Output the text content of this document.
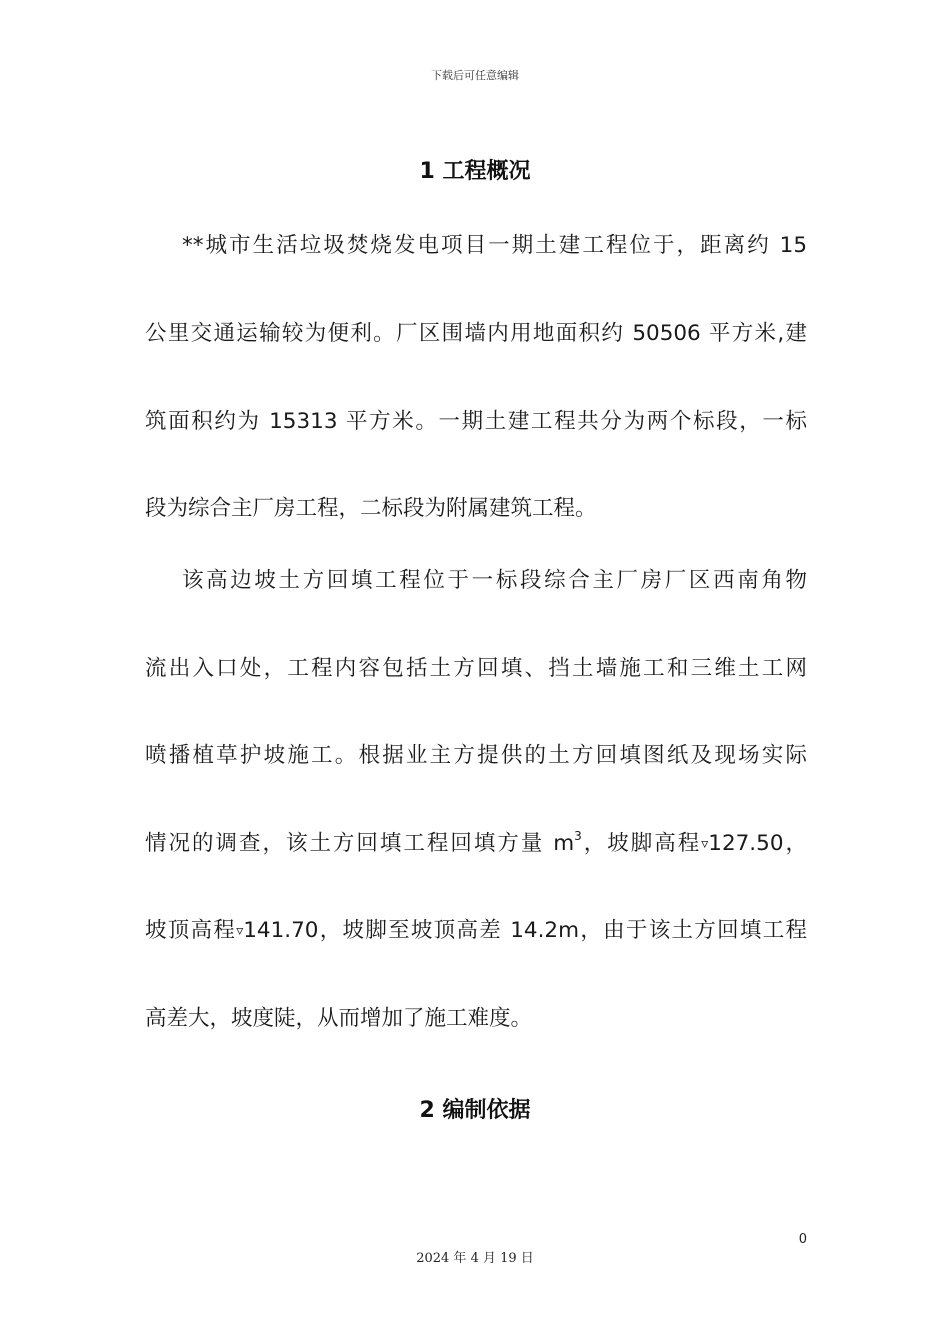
下载后可任意编辑
1 工程概况
**城市生活垃圾焚烧发电项目一期土建工程位于，距离约 15
公里交通运输较为便利。厂区围墙内用地面积约 50506 平方米,建
筑面积约为 15313 平方米。一期土建工程共分为两个标段，一标
段为综合主厂房工程，二标段为附属建筑工程。
该高边坡土方回填工程位于一标段综合主厂房厂区西南角物
流出入口处，工程内容包括土方回填、挡土墙施工和三维土工网
喷播植草护坡施工。根据业主方提供的土方回填图纸及现场实际
情况的调查，该土方回填工程回填方量 $m^3$，坡脚高程▿127.50，
坡顶高程▿141.70，坡脚至坡顶高差 14.2m，由于该土方回填工程
高差大，坡度陡，从而增加了施工难度。
2 编制依据
0
2024 年 4 月 19 日
